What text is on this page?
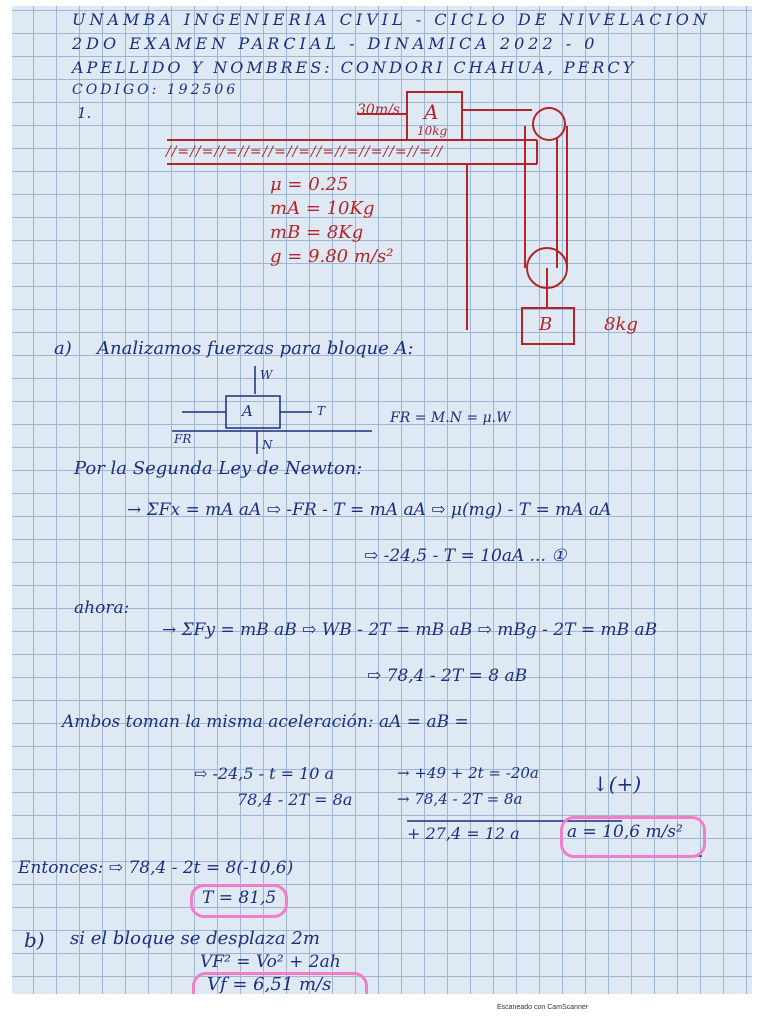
UNAMBA INGENIERIA CIVIL - CICLO DE NIVELACION
2DO EXAMEN PARCIAL - DINAMICA 2022 - 0
APELLIDO Y NOMBRES: CONDORI CHAHUA, PERCY
CODIGO: 192506
1.	30m/s A
10kg
//=//=//=//=//=//=//=//=//=//=//=//
B	8kg
μ = 0.25
mA = 10Kg
mB = 8Kg
g = 9.80 m/s²
a) Analizamos fuerzas para bloque A:
W
A	T
FR	N
FR = M.N = μ.W
Por la Segunda Ley de Newton:
→ ΣFx = mA aA ⇨ -FR - T = mA aA ⇨ μ(mg) - T = mA aA
⇨ -24,5 - T = 10aA ... ①
ahora:
→ ΣFy = mB aB ⇨ WB - 2T = mB aB ⇨ mBg - 2T = mB aB
⇨ 78,4 - 2T = 8 aB
Ambos toman la misma aceleración: aA = aB =
⇨ -24,5 - t = 10 a
78,4 - 2T = 8a
→ +49 + 2t = -20a
→ 78,4 - 2T = 8a
↓(+)
+ 27,4 = 12 a	a = 10,6 m/s²
Entonces: ⇨ 78,4 - 2t = 8(-10,6)
T = 81,5
b) si el bloque se desplaza 2m
VF² = Vo² + 2ah
Vf = 6,51 m/s
Escaneado con CamScanner
